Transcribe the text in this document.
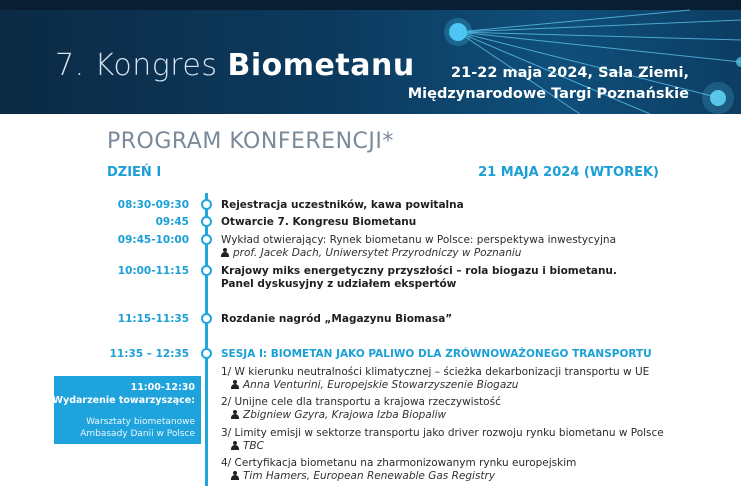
7. Kongres Biometanu	21-22 maja 2024, Sala Ziemi,
Międzynarodowe Targi Poznańskie
PROGRAM KONFERENCJI*
DZIEŃ I	21 MAJA 2024 (WTOREK)
08:30-09:30	Rejestracja uczestników, kawa powitalna
09:45	Otwarcie 7. Kongresu Biometanu
09:45-10:00	Wykład otwierający: Rynek biometanu w Polsce: perspektywa inwestycyjna
prof. Jacek Dach, Uniwersytet Przyrodniczy w Poznaniu
10:00-11:15	Krajowy miks energetyczny przyszłości – rola biogazu i biometanu.
Panel dyskusyjny z udziałem ekspertów
11:15-11:35	Rozdanie nagród „Magazynu Biomasa”
11:35 – 12:35	SESJA I: BIOMETAN JAKO PALIWO DLA ZRÓWNOWAŻONEGO TRANSPORTU
1/ W kierunku neutralności klimatycznej – ścieżka dekarbonizacji transportu w UE
Anna Venturini, Europejskie Stowarzyszenie Biogazu
2/ Unijne cele dla transportu a krajowa rzeczywistość
Zbigniew Gzyra, Krajowa Izba Biopaliw
3/ Limity emisji w sektorze transportu jako driver rozwoju rynku biometanu w Polsce
TBC
4/ Certyfikacja biometanu na zharmonizowanym rynku europejskim
Tim Hamers, European Renewable Gas Registry
11:00-12:30
Wydarzenie towarzyszące:
Warsztaty biometanowe
Ambasady Danii w Polsce
